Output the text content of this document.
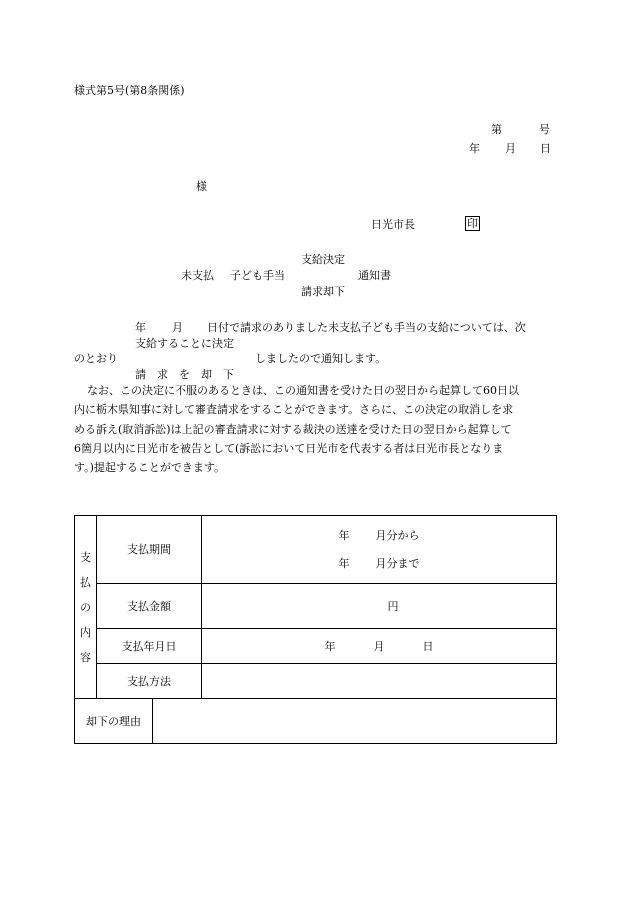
様式第5号(第8条関係)
第	号
年 月 日
様
日光市長	印
支給決定
未支払 子ども手当	通知書
請求却下
年 月 日付で請求のありました未支払子ども手当の支給については、次
支給することに決定
のとおり	しましたので通知します。
請　求　を　却　下
なお、この決定に不服のあるときは、この通知書を受けた日の翌日から起算して60日以
内に栃木県知事に対して審査請求をすることができます。さらに、この決定の取消しを求
める訴え(取消訴訟)は上記の審査請求に対する裁決の送達を受けた日の翌日から起算して
6箇月以内に日光市を被告として(訴訟において日光市を代表する者は日光市長となりま
す。)提起することができます。
支
払
の
内
容	支払期間		年 月分から
年 月分まで

	支払金額		円
	支払年月日		年 月 日
	支払方法		
却下の理由			
